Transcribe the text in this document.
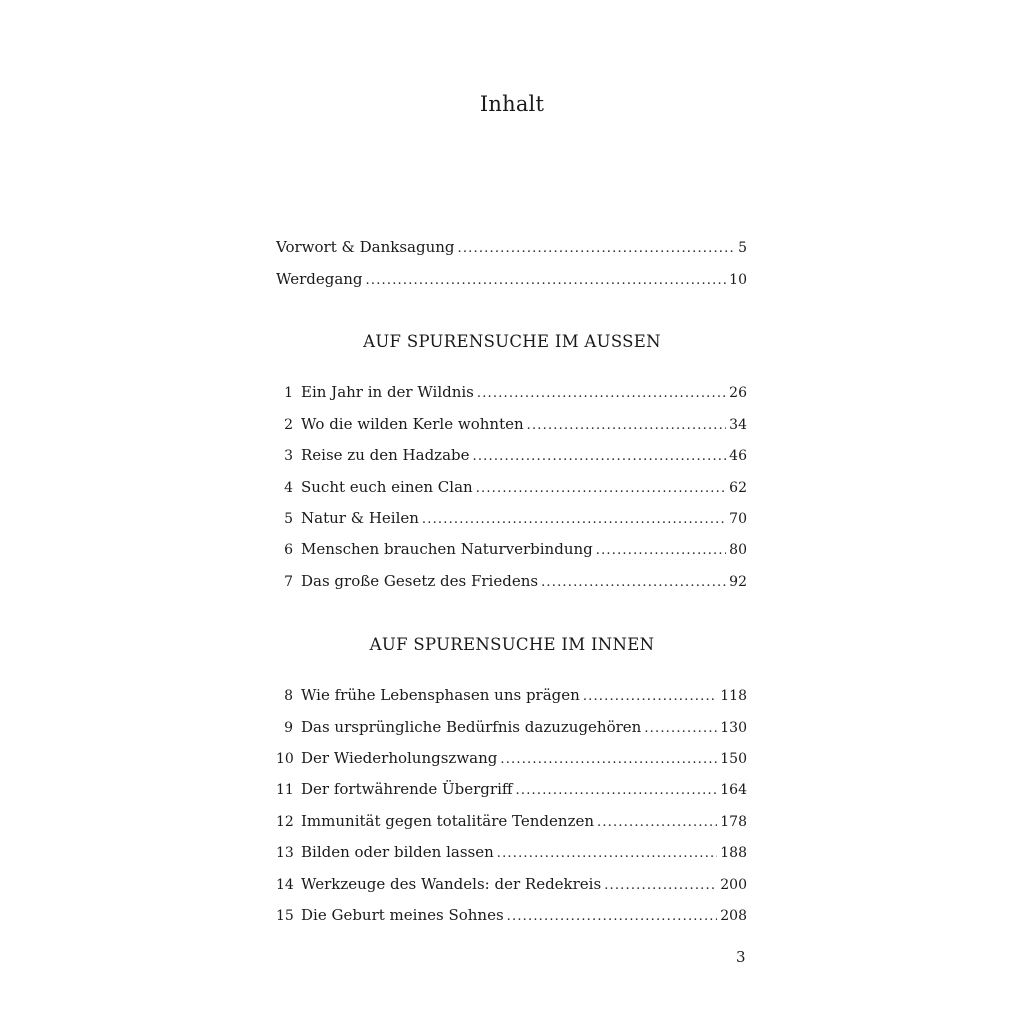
Inhalt
Vorwort & Danksagung .....	5
Werdegang .....	10
AUF SPURENSUCHE IM AUSSEN
1 Ein Jahr in der Wildnis .....	26
2 Wo die wilden Kerle wohnten .....	34
3 Reise zu den Hadzabe .....	46
4 Sucht euch einen Clan .....	62
5 Natur & Heilen .....	70
6 Menschen brauchen Naturverbindung .....	80
7 Das große Gesetz des Friedens .....	92
AUF SPURENSUCHE IM INNEN
8 Wie frühe Lebensphasen uns prägen .....	118
9 Das ursprüngliche Bedürfnis dazuzugehören .....	130
10 Der Wiederholungszwang .....	150
11 Der fortwährende Übergriff .....	164
12 Immunität gegen totalitäre Tendenzen .....	178
13 Bilden oder bilden lassen .....	188
14 Werkzeuge des Wandels: der Redekreis .....	200
15 Die Geburt meines Sohnes .....	208
3
